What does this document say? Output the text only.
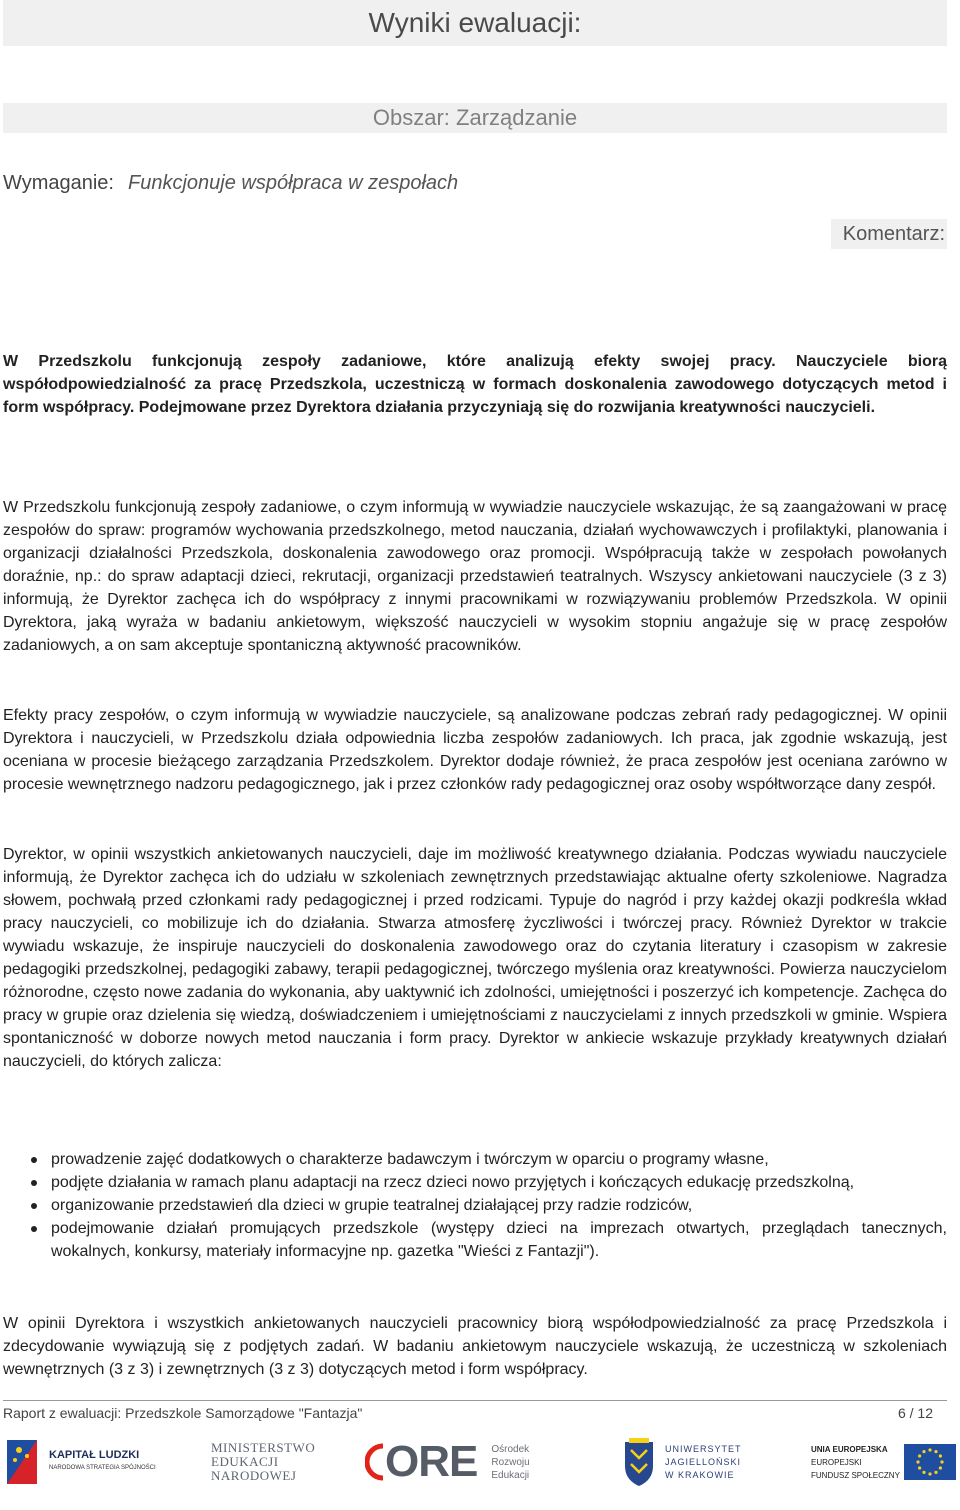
Wyniki ewaluacji:
Obszar: Zarządzanie
Wymaganie: Funkcjonuje współpraca w zespołach
Komentarz:

W Przedszkolu funkcjonują zespoły zadaniowe, które analizują efekty swojej pracy. Nauczyciele biorą współodpowiedzialność za pracę Przedszkola, uczestniczą w formach doskonalenia zawodowego dotyczących metod i form współpracy. Podejmowane przez Dyrektora działania przyczyniają się do rozwijania kreatywności nauczycieli.

W Przedszkolu funkcjonują zespoły zadaniowe, o czym informują w wywiadzie nauczyciele wskazując, że są zaangażowani w pracę zespołów do spraw: programów wychowania przedszkolnego, metod nauczania, działań wychowawczych i profilaktyki, planowania i organizacji działalności Przedszkola, doskonalenia zawodowego oraz promocji. Współpracują także w zespołach powołanych doraźnie, np.: do spraw adaptacji dzieci, rekrutacji, organizacji przedstawień teatralnych. Wszyscy ankietowani nauczyciele (3 z 3) informują, że Dyrektor zachęca ich do współpracy z innymi pracownikami w rozwiązywaniu problemów Przedszkola. W opinii Dyrektora, jaką wyraża w badaniu ankietowym, większość nauczycieli w wysokim stopniu angażuje się w pracę zespołów zadaniowych, a on sam akceptuje spontaniczną aktywność pracowników.

Efekty pracy zespołów, o czym informują w wywiadzie nauczyciele, są analizowane podczas zebrań rady pedagogicznej. W opinii Dyrektora i nauczycieli, w Przedszkolu działa odpowiednia liczba zespołów zadaniowych. Ich praca, jak zgodnie wskazują, jest oceniana w procesie bieżącego zarządzania Przedszkolem. Dyrektor dodaje również, że praca zespołów jest oceniana zarówno w procesie wewnętrznego nadzoru pedagogicznego, jak i przez członków rady pedagogicznej oraz osoby współtworzące dany zespół.

Dyrektor, w opinii wszystkich ankietowanych nauczycieli, daje im możliwość kreatywnego działania. Podczas wywiadu nauczyciele informują, że Dyrektor zachęca ich do udziału w szkoleniach zewnętrznych przedstawiając aktualne oferty szkoleniowe. Nagradza słowem, pochwałą przed członkami rady pedagogicznej i przed rodzicami. Typuje do nagród i przy każdej okazji podkreśla wkład pracy nauczycieli, co mobilizuje ich do działania. Stwarza atmosferę życzliwości i twórczej pracy. Również Dyrektor w trakcie wywiadu wskazuje, że inspiruje nauczycieli do doskonalenia zawodowego oraz do czytania literatury i czasopism w zakresie pedagogiki przedszkolnej, pedagogiki zabawy, terapii pedagogicznej, twórczego myślenia oraz kreatywności. Powierza nauczycielom różnorodne, często nowe zadania do wykonania, aby uaktywnić ich zdolności, umiejętności i poszerzyć ich kompetencje. Zachęca do pracy w grupie oraz dzielenia się wiedzą, doświadczeniem i umiejętnościami z nauczycielami z innych przedszkoli w gminie. Wspiera spontaniczność w doborze nowych metod nauczania i form pracy. Dyrektor w ankiecie wskazuje przykłady kreatywnych działań nauczycieli, do których zalicza:

prowadzenie zajęć dodatkowych o charakterze badawczym i twórczym w oparciu o programy własne,
podjęte działania w ramach planu adaptacji na rzecz dzieci nowo przyjętych i kończących edukację przedszkolną,
organizowanie przedstawień dla dzieci w grupie teatralnej działającej przy radzie rodziców,
podejmowanie działań promujących przedszkole (występy dzieci na imprezach otwartych, przeglądach tanecznych, wokalnych, konkursy, materiały informacyjne np. gazetka "Wieści z Fantazji").

W opinii Dyrektora i wszystkich ankietowanych nauczycieli pracownicy biorą współodpowiedzialność za pracę Przedszkola i zdecydowanie wywiązują się z podjętych zadań. W badaniu ankietowym nauczyciele wskazują, że uczestniczą w szkoleniach wewnętrznych (3 z 3) i zewnętrznych (3 z 3) dotyczących metod i form współpracy.

Raport z ewaluacji: Przedszkole Samorządowe "Fantazja"	6 / 12
KAPITAŁ LUDZKI
NARODOWA STRATEGIA SPÓJNOŚCI
MINISTERSTWO
EDUKACJI
NARODOWEJ	ORE Ośrodek
Rozwoju
Edukacji
UNIWERSYTET
JAGIELLOŃSKI
W KRAKOWIE
UNIA EUROPEJSKA
EUROPEJSKI
FUNDUSZ SPOŁECZNY
